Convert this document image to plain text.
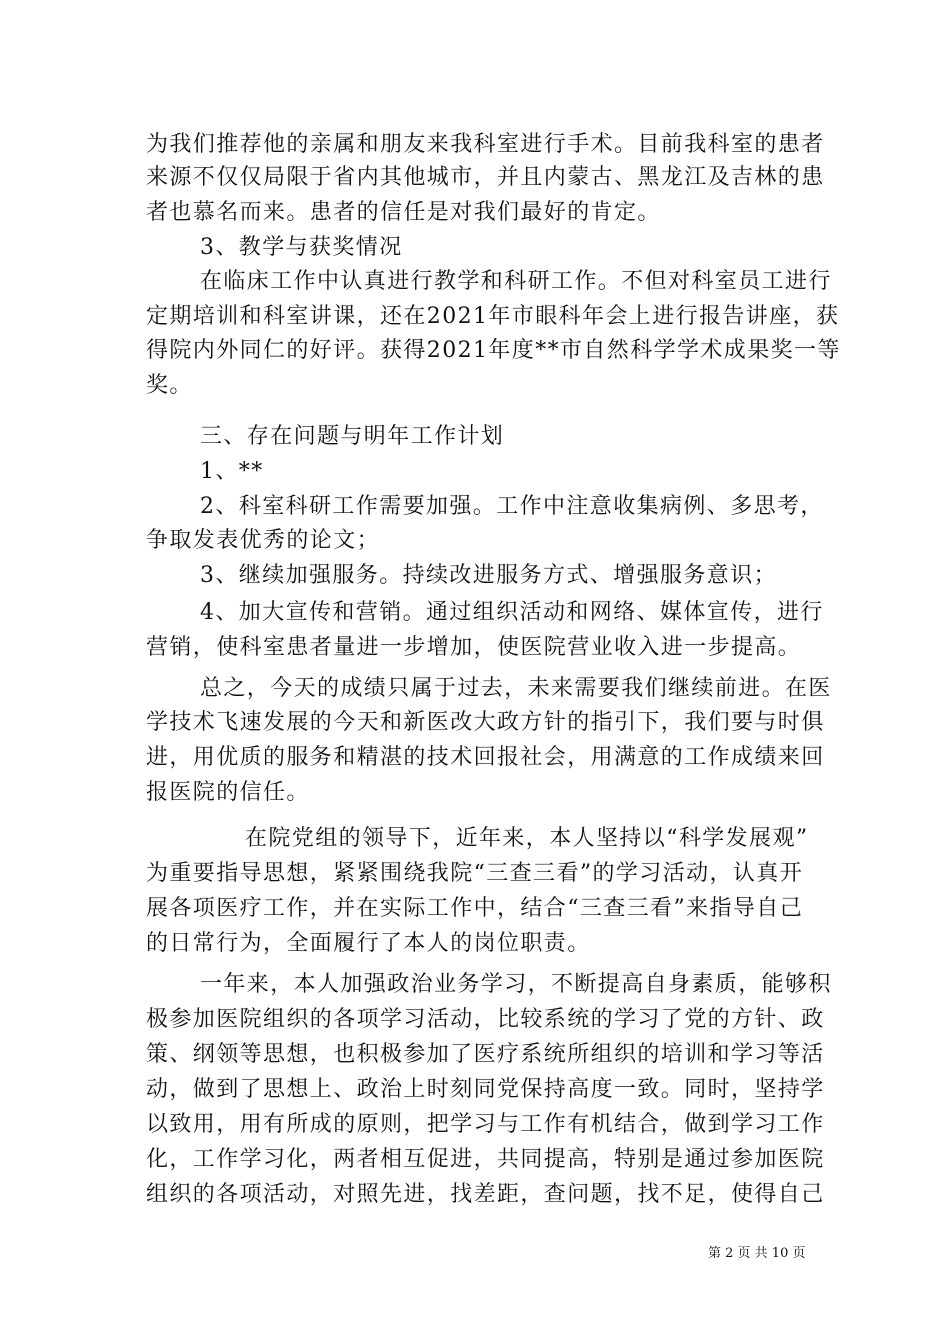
为我们推荐他的亲属和朋友来我科室进行手术。目前我科室的患者
来源不仅仅局限于省内其他城市，并且内蒙古、黑龙江及吉林的患
者也慕名而来。患者的信任是对我们最好的肯定。
3、教学与获奖情况
在临床工作中认真进行教学和科研工作。不但对科室员工进行
定期培训和科室讲课，还在2021年市眼科年会上进行报告讲座，获
得院内外同仁的好评。获得2021年度**市自然科学学术成果奖一等
奖。
三、存在问题与明年工作计划
1、**
2、科室科研工作需要加强。工作中注意收集病例、多思考，
争取发表优秀的论文；
3、继续加强服务。持续改进服务方式、增强服务意识；
4、加大宣传和营销。通过组织活动和网络、媒体宣传，进行
营销，使科室患者量进一步增加，使医院营业收入进一步提高。
总之，今天的成绩只属于过去，未来需要我们继续前进。在医
学技术飞速发展的今天和新医改大政方针的指引下，我们要与时俱
进，用优质的服务和精湛的技术回报社会，用满意的工作成绩来回
报医院的信任。
在院党组的领导下，近年来，本人坚持以“科学发展观”
为重要指导思想，紧紧围绕我院“三查三看”的学习活动，认真开
展各项医疗工作，并在实际工作中，结合“三查三看”来指导自己
的日常行为，全面履行了本人的岗位职责。
一年来，本人加强政治业务学习，不断提高自身素质，能够积
极参加医院组织的各项学习活动，比较系统的学习了党的方针、政
策、纲领等思想，也积极参加了医疗系统所组织的培训和学习等活
动，做到了思想上、政治上时刻同党保持高度一致。同时，坚持学
以致用，用有所成的原则，把学习与工作有机结合，做到学习工作
化，工作学习化，两者相互促进，共同提高，特别是通过参加医院
组织的各项活动，对照先进，找差距，查问题，找不足，使得自己
第 2 页 共 10 页
